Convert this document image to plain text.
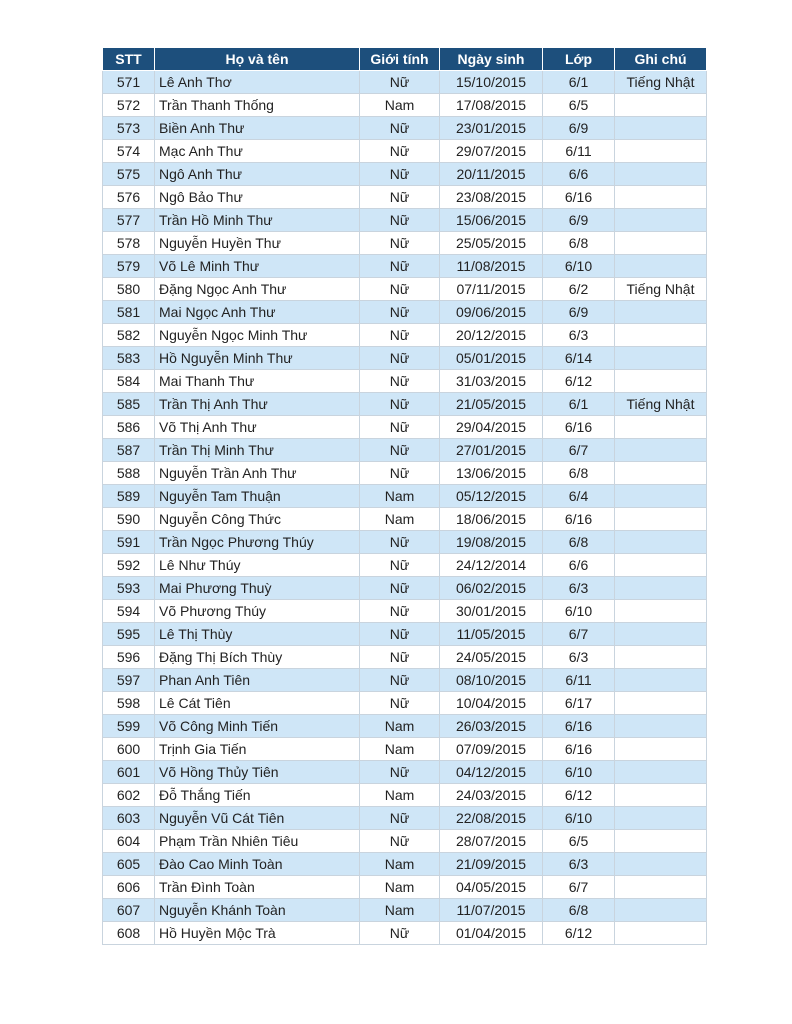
STT	Họ và tên	Giới tính	Ngày sinh	Lớp	Ghi chú
571	Lê Anh Thơ	Nữ	15/10/2015	6/1	Tiếng Nhật
572	Trần Thanh Thống	Nam	17/08/2015	6/5	
573	Biền Anh Thư	Nữ	23/01/2015	6/9	
574	Mạc Anh Thư	Nữ	29/07/2015	6/11	
575	Ngô Anh Thư	Nữ	20/11/2015	6/6	
576	Ngô Bảo Thư	Nữ	23/08/2015	6/16	
577	Trần Hồ Minh Thư	Nữ	15/06/2015	6/9	
578	Nguyễn Huyền Thư	Nữ	25/05/2015	6/8	
579	Võ Lê Minh Thư	Nữ	11/08/2015	6/10	
580	Đặng Ngọc Anh Thư	Nữ	07/11/2015	6/2	Tiếng Nhật
581	Mai Ngọc Anh Thư	Nữ	09/06/2015	6/9	
582	Nguyễn Ngọc Minh Thư	Nữ	20/12/2015	6/3	
583	Hồ Nguyễn Minh Thư	Nữ	05/01/2015	6/14	
584	Mai Thanh Thư	Nữ	31/03/2015	6/12	
585	Trần Thị Anh Thư	Nữ	21/05/2015	6/1	Tiếng Nhật
586	Võ Thị Anh Thư	Nữ	29/04/2015	6/16	
587	Trần Thị Minh Thư	Nữ	27/01/2015	6/7	
588	Nguyễn Trần Anh Thư	Nữ	13/06/2015	6/8	
589	Nguyễn Tam Thuận	Nam	05/12/2015	6/4	
590	Nguyễn Công Thức	Nam	18/06/2015	6/16	
591	Trần Ngọc Phương Thúy	Nữ	19/08/2015	6/8	
592	Lê Như Thúy	Nữ	24/12/2014	6/6	
593	Mai Phương Thuỳ	Nữ	06/02/2015	6/3	
594	Võ Phương Thúy	Nữ	30/01/2015	6/10	
595	Lê Thị Thùy	Nữ	11/05/2015	6/7	
596	Đặng Thị Bích Thùy	Nữ	24/05/2015	6/3	
597	Phan Anh Tiên	Nữ	08/10/2015	6/11	
598	Lê Cát Tiên	Nữ	10/04/2015	6/17	
599	Võ Công Minh Tiến	Nam	26/03/2015	6/16	
600	Trịnh Gia Tiến	Nam	07/09/2015	6/16	
601	Võ Hồng Thủy Tiên	Nữ	04/12/2015	6/10	
602	Đỗ Thắng Tiến	Nam	24/03/2015	6/12	
603	Nguyễn Vũ Cát Tiên	Nữ	22/08/2015	6/10	
604	Phạm Trần Nhiên Tiêu	Nữ	28/07/2015	6/5	
605	Đào Cao Minh Toàn	Nam	21/09/2015	6/3	
606	Trần Đình Toàn	Nam	04/05/2015	6/7	
607	Nguyễn Khánh Toàn	Nam	11/07/2015	6/8	
608	Hồ Huyền Mộc Trà	Nữ	01/04/2015	6/12	
